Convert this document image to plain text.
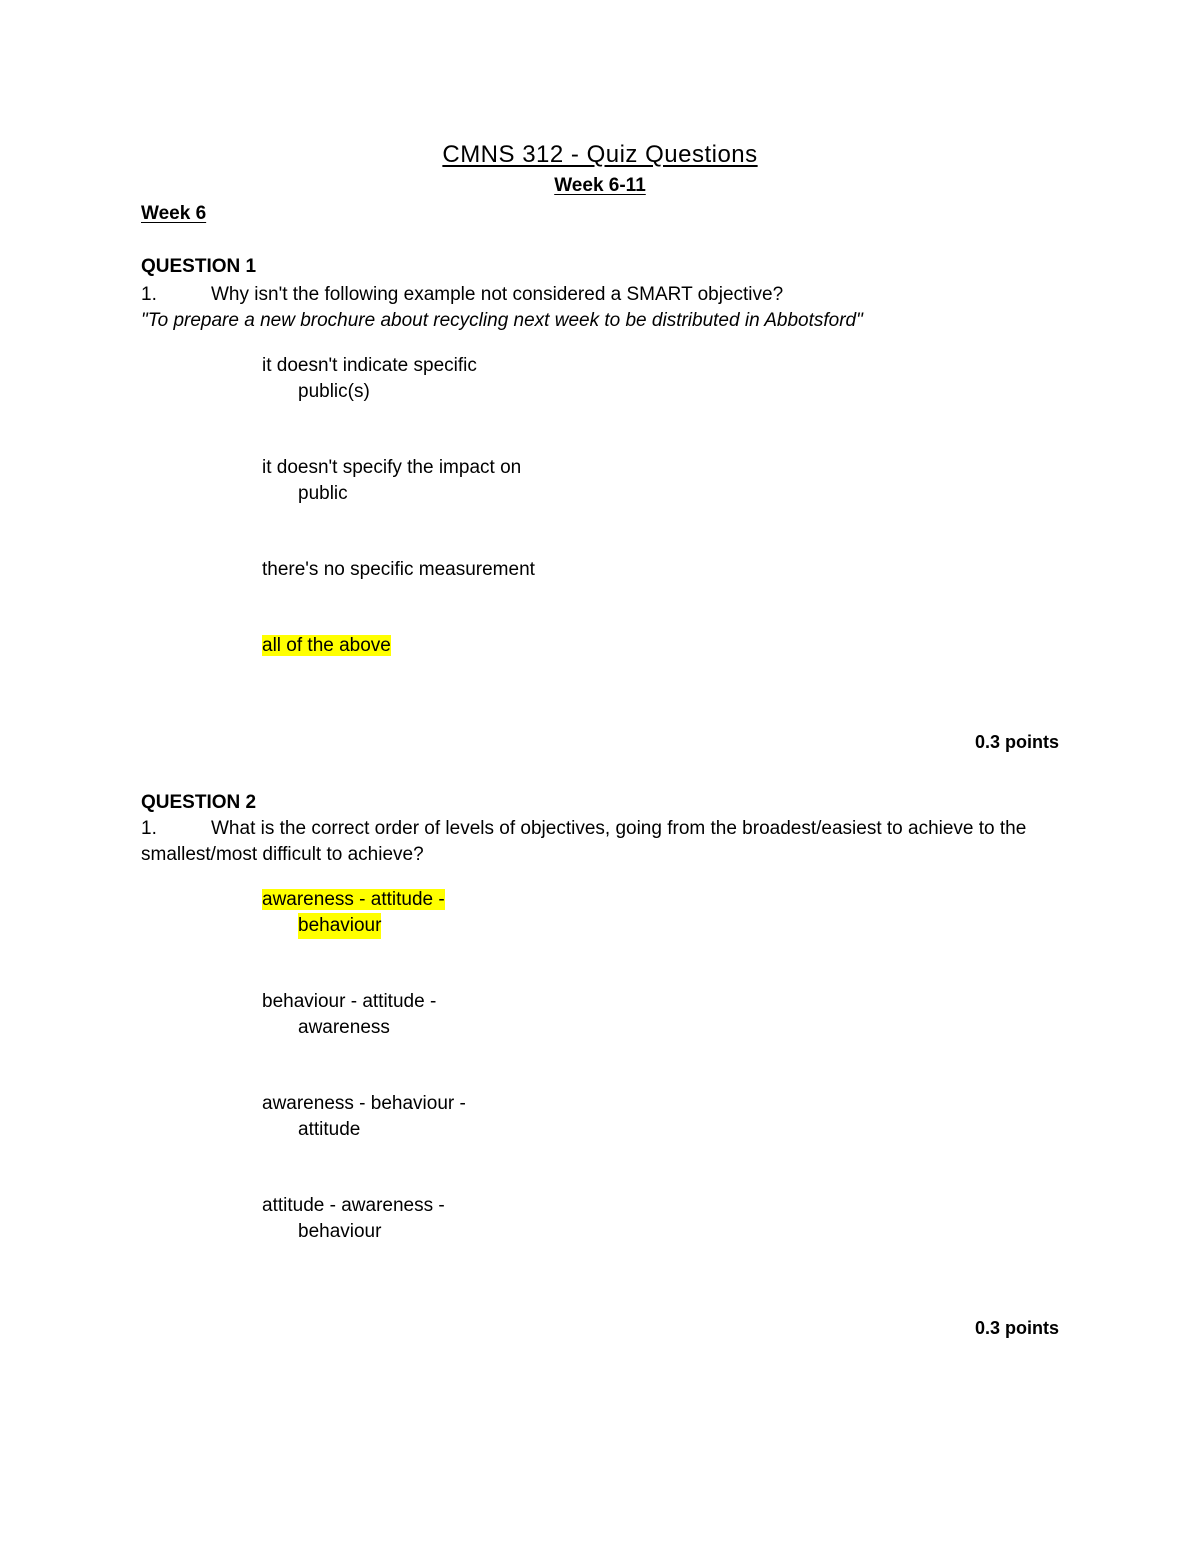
CMNS 312 - Quiz Questions
Week 6-11
Week 6
QUESTION 1
1.	Why isn't the following example not considered a SMART objective?
"To prepare a new brochure about recycling next week to be distributed in Abbotsford"
it doesn't indicate specific
public(s)
it doesn't specify the impact on
public
there's no specific measurement
all of the above
0.3 points
QUESTION 2
1.	What is the correct order of levels of objectives, going from the broadest/easiest to achieve to the smallest/most difficult to achieve?
awareness - attitude -
behaviour
behaviour - attitude -
awareness
awareness - behaviour -
attitude
attitude - awareness -
behaviour
0.3 points
